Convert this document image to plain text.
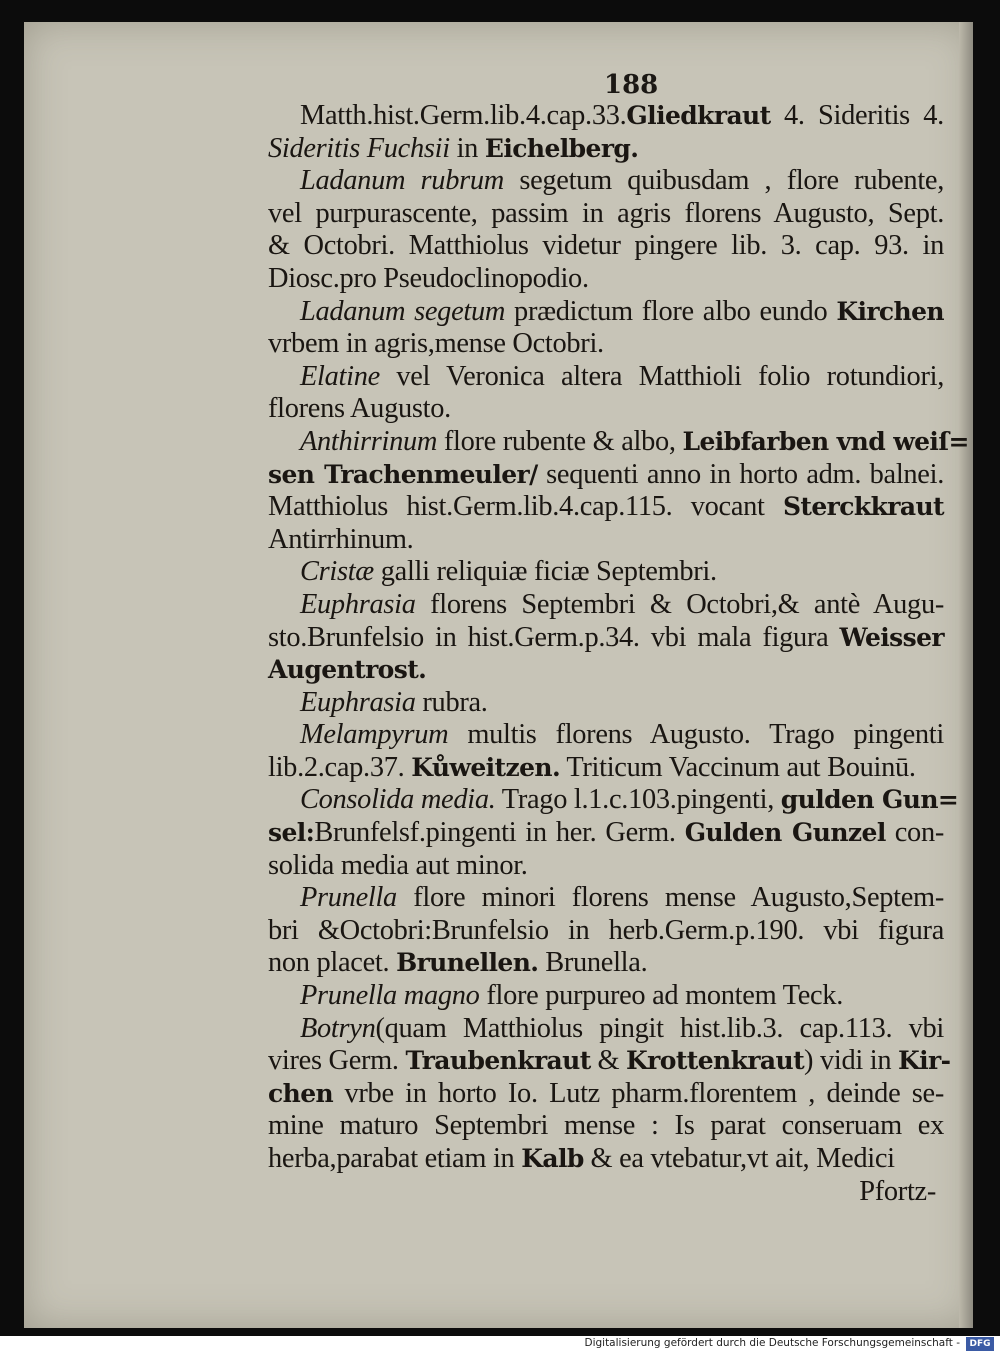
188
Matth.hist.Germ.lib.4.cap.33.Gliedkraut 4. Sideritis 4.
Sideritis Fuchsii in Eichelberg.
Ladanum rubrum segetum quibusdam , flore rubente,
vel purpurascente, passim in agris florens Augusto, Sept.
& Octobri. Matthiolus videtur pingere lib. 3. cap. 93. in
Diosc.pro Pseudoclinopodio.
Ladanum segetum prædictum flore albo eundo Kirchen
vrbem in agris,mense Octobri.
Elatine vel Veronica altera Matthioli folio rotundiori,
florens Augusto.
Anthirrinum flore rubente & albo, Leibfarben vnd weiſ=
sen Trachenmeuler/ sequenti anno in horto adm. balnei.
Matthiolus hist.Germ.lib.4.cap.115. vocant Sterckkraut
Antirrhinum.
Cristæ galli reliquiæ ficiæ Septembri.
Euphrasia florens Septembri & Octobri,& antè Augu-
sto.Brunfelsio in hist.Germ.p.34. vbi mala figura Weisser
Augentrost.
Euphrasia rubra.
Melampyrum multis florens Augusto. Trago pingenti
lib.2.cap.37. Kůweitzen. Triticum Vaccinum aut Bouinū.
Consolida media. Trago l.1.c.103.pingenti, gulden Gun=
sel:Brunfelsf.pingenti in her. Germ. Gulden Gunzel con-
solida media aut minor.
Prunella flore minori florens mense Augusto,Septem-
bri &Octobri:Brunfelsio in herb.Germ.p.190. vbi figura
non placet. Brunellen. Brunella.
Prunella magno flore purpureo ad montem Teck.
Botryn(quam Matthiolus pingit hist.lib.3. cap.113. vbi
vires Germ. Traubenkraut & Krottenkraut) vidi in Kir-
chen vrbe in horto Io. Lutz pharm.florentem , deinde se-
mine maturo Septembri mense : Is parat conseruam ex
herba,parabat etiam in Kalb & ea vtebatur,vt ait, Medici
Pfortz-
Digitalisierung gefördert durch die Deutsche Forschungsgemeinschaft -	DFG
